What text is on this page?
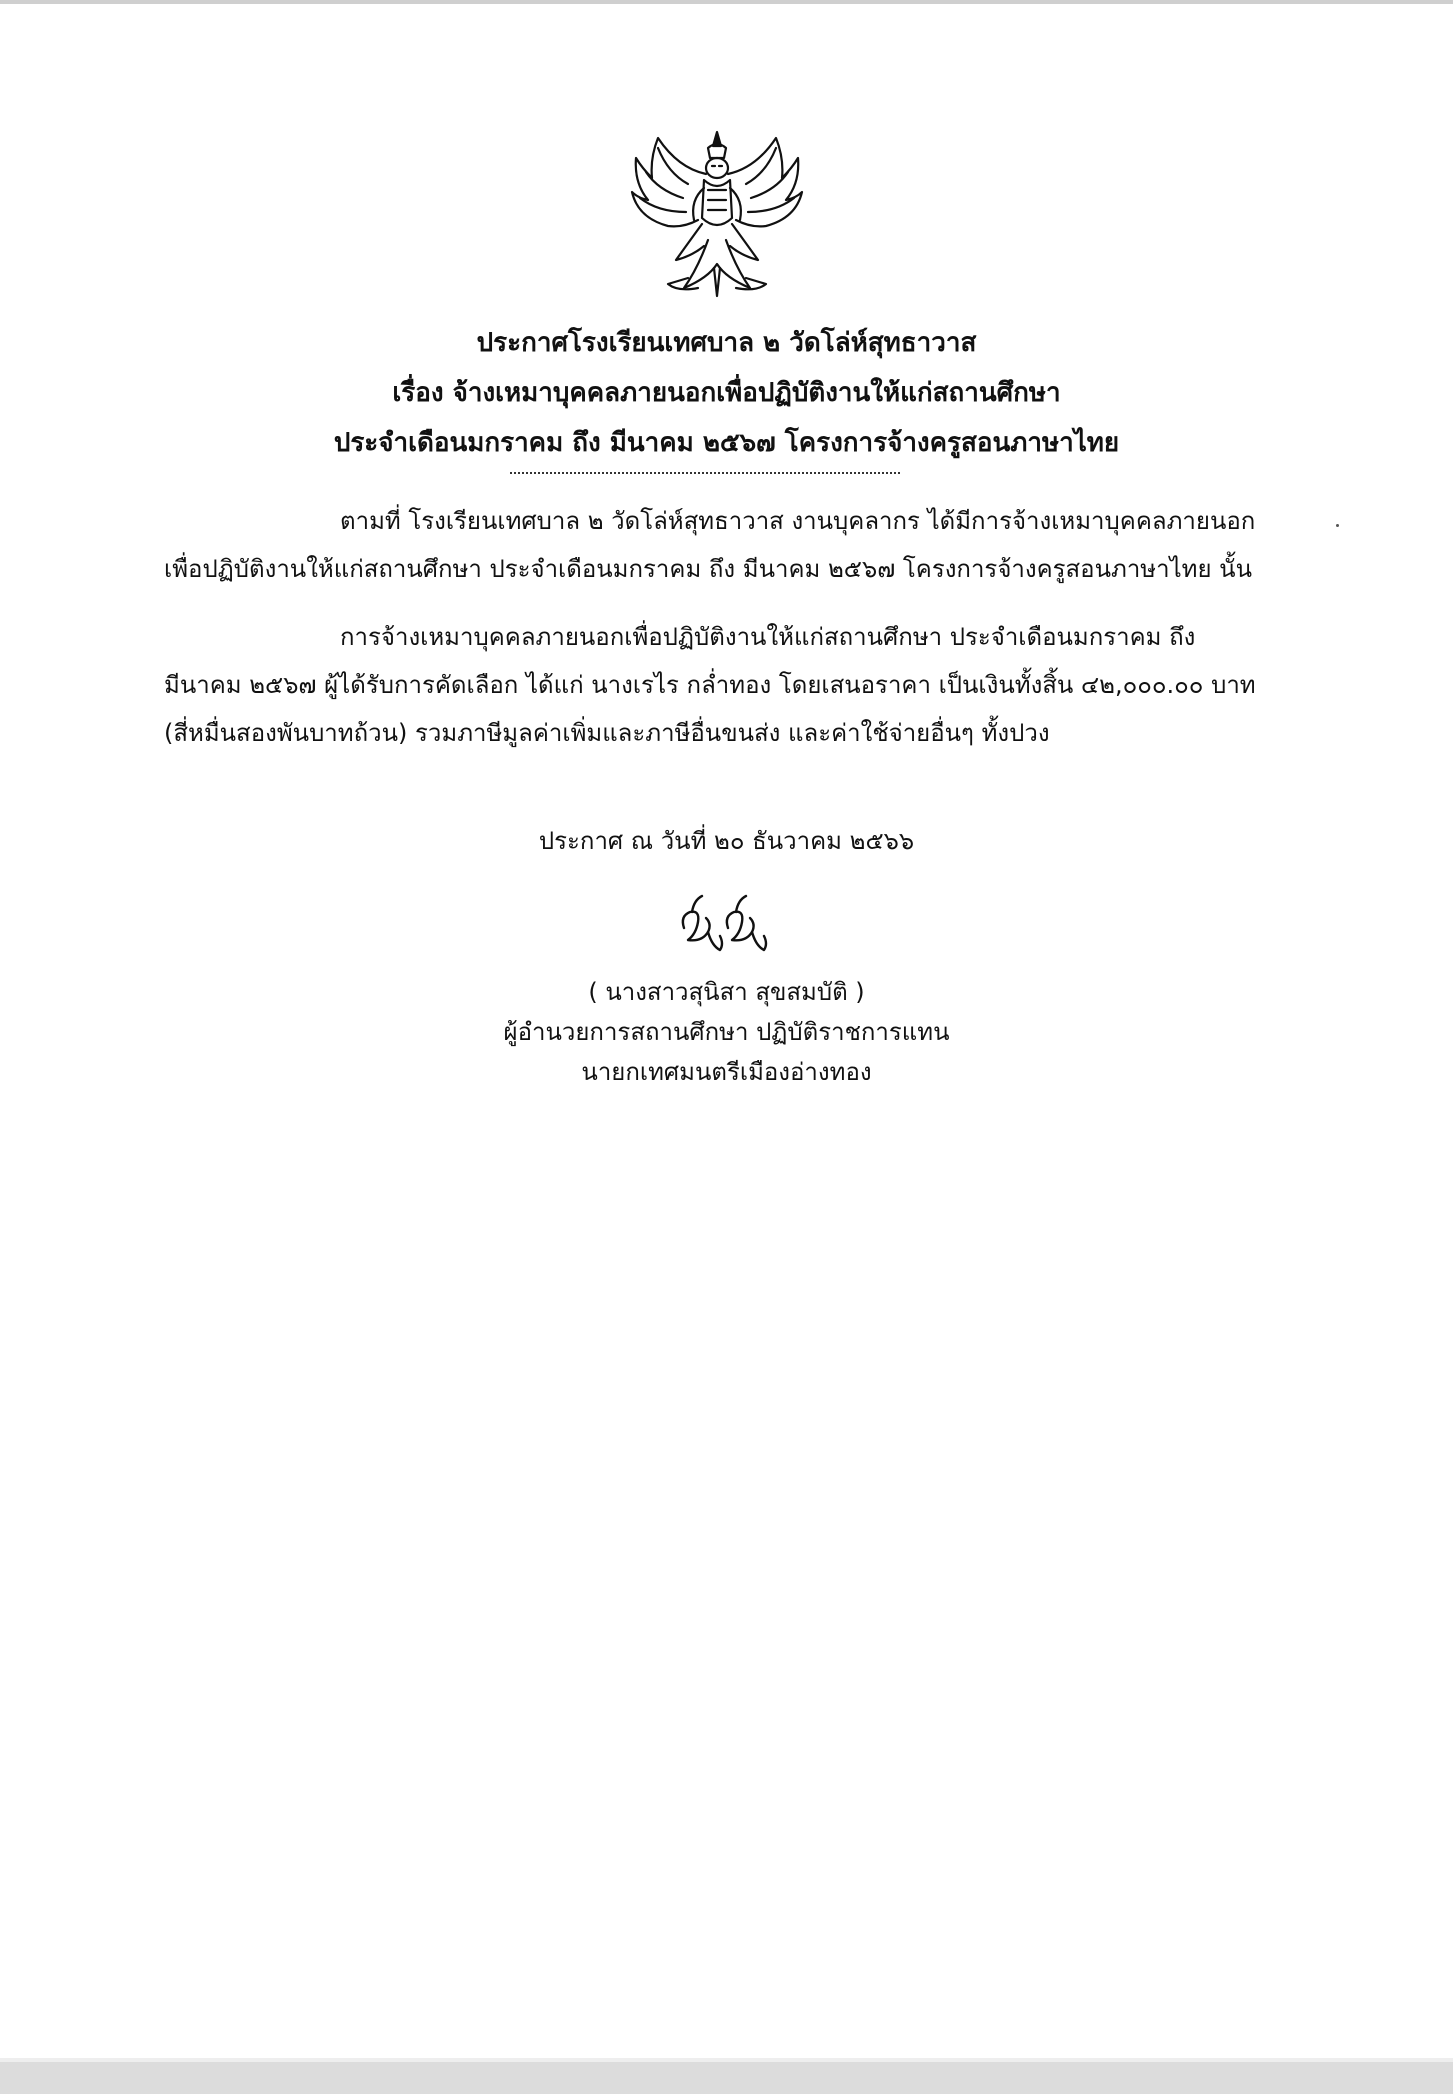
ประกาศโรงเรียนเทศบาล ๒ วัดโล่ห์สุทธาวาส
เรื่อง จ้างเหมาบุคคลภายนอกเพื่อปฏิบัติงานให้แก่สถานศึกษา
ประจำเดือนมกราคม ถึง มีนาคม ๒๕๖๗ โครงการจ้างครูสอนภาษาไทย
ตามที่ โรงเรียนเทศบาล ๒ วัดโล่ห์สุทธาวาส งานบุคลากร ได้มีการจ้างเหมาบุคคลภายนอก
เพื่อปฏิบัติงานให้แก่สถานศึกษา ประจำเดือนมกราคม ถึง มีนาคม ๒๕๖๗ โครงการจ้างครูสอนภาษาไทย นั้น
การจ้างเหมาบุคคลภายนอกเพื่อปฏิบัติงานให้แก่สถานศึกษา ประจำเดือนมกราคม ถึง
มีนาคม ๒๕๖๗ ผู้ได้รับการคัดเลือก ได้แก่ นางเรไร กล่ำทอง โดยเสนอราคา เป็นเงินทั้งสิ้น ๔๒,๐๐๐.๐๐ บาท
(สี่หมื่นสองพันบาทถ้วน) รวมภาษีมูลค่าเพิ่มและภาษีอื่นขนส่ง และค่าใช้จ่ายอื่นๆ ทั้งปวง
ประกาศ ณ วันที่ ๒๐ ธันวาคม ๒๕๖๖
( นางสาวสุนิสา สุขสมบัติ )
ผู้อำนวยการสถานศึกษา ปฏิบัติราชการแทน
นายกเทศมนตรีเมืองอ่างทอง
